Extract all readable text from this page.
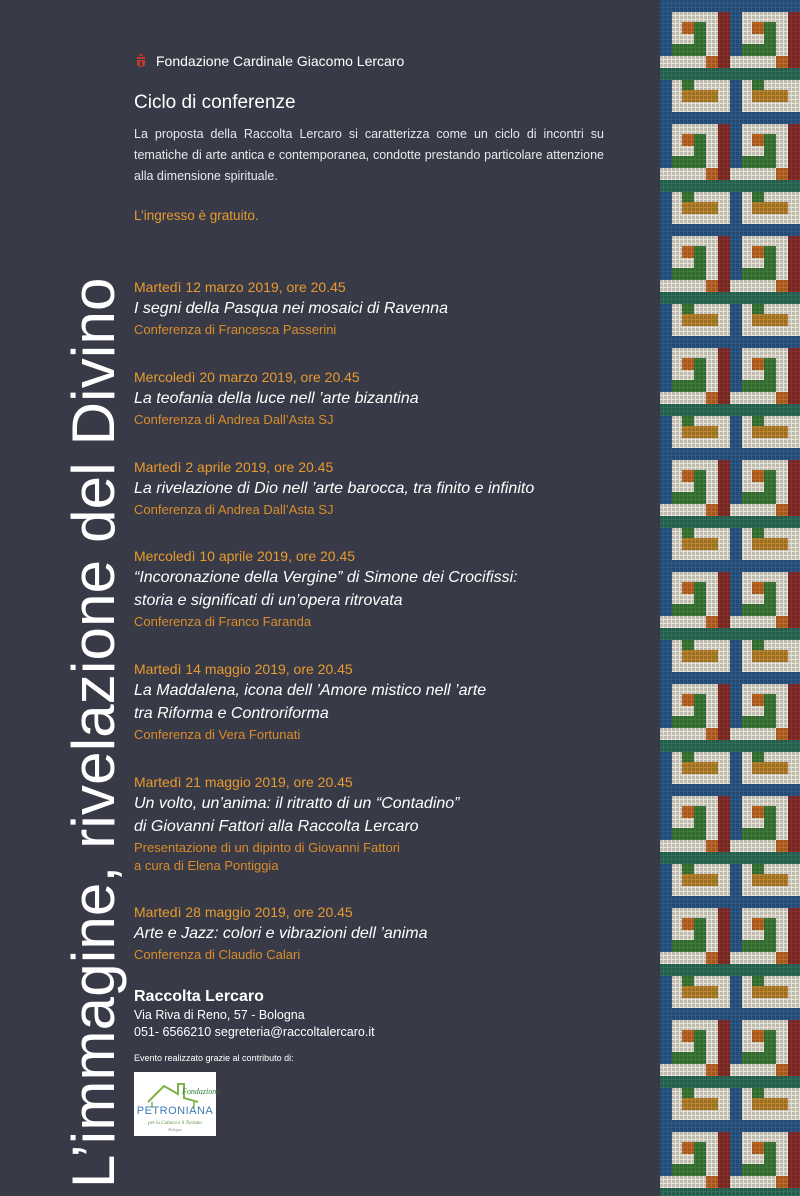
L’immagine, rivelazione del Divino
Fondazione Cardinale Giacomo Lercaro
Ciclo di conferenze
La proposta della Raccolta Lercaro si caratterizza come un ciclo di incontri su tematiche di arte antica e contemporanea, condotte prestando particolare attenzione alla dimensione spirituale.
L’ingresso è gratuito.
Martedì 12 marzo 2019, ore 20.45
I segni della Pasqua nei mosaici di Ravenna
Conferenza di Francesca Passerini
Mercoledì 20 marzo 2019, ore 20.45
La teofania della luce nell ’arte bizantina
Conferenza di Andrea Dall’Asta SJ
Martedì 2 aprile 2019, ore 20.45
La rivelazione di Dio nell ’arte barocca, tra finito e infinito
Conferenza di Andrea Dall’Asta SJ
Mercoledì 10 aprile 2019, ore 20.45
“Incoronazione della Vergine” di Simone dei Crocifissi:
storia e significati di un’opera ritrovata
Conferenza di Franco Faranda
Martedì 14 maggio 2019, ore 20.45
La Maddalena, icona dell ’Amore mistico nell ’arte
tra Riforma e Controriforma
Conferenza di Vera Fortunati
Martedì 21 maggio 2019, ore 20.45
Un volto, un’anima: il ritratto di un “Contadino”
di Giovanni Fattori alla Raccolta Lercaro
Presentazione di un dipinto di Giovanni Fattori
a cura di Elena Pontiggia
Martedì 28 maggio 2019, ore 20.45
Arte e Jazz: colori e vibrazioni dell ’anima
Conferenza di Claudio Calari
Raccolta Lercaro
Via Riva di Reno, 57 - Bologna
051- 6566210 segreteria@raccoltalercaro.it
Evento realizzato grazie al contributo di:
Fondazione
PETRONIANA
per la Cultura e il Turismo
Bologna
